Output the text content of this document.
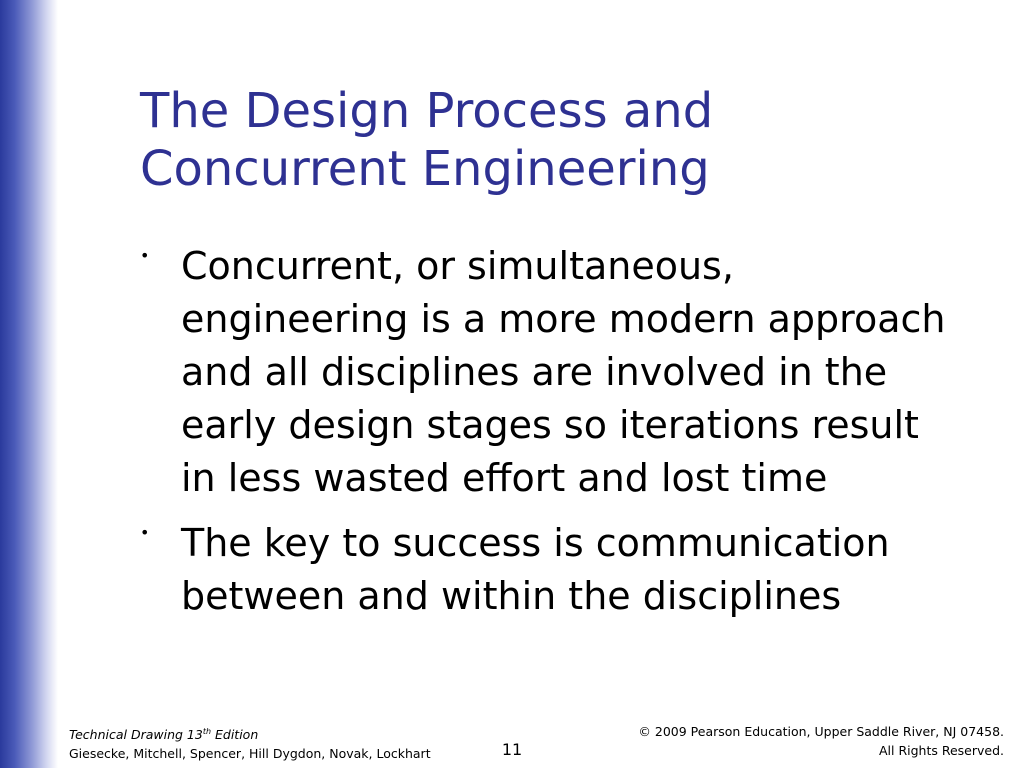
The Design Process and
Concurrent Engineering
• Concurrent, or simultaneous,
engineering is a more modern approach
and all disciplines are involved in the
early design stages so iterations result
in less wasted effort and lost time
• The key to success is communication
between and within the disciplines
Technical Drawing 13th Edition
Giesecke, Mitchell, Spencer, Hill Dygdon, Novak, Lockhart	11
© 2009 Pearson Education, Upper Saddle River, NJ 07458.
All Rights Reserved.
